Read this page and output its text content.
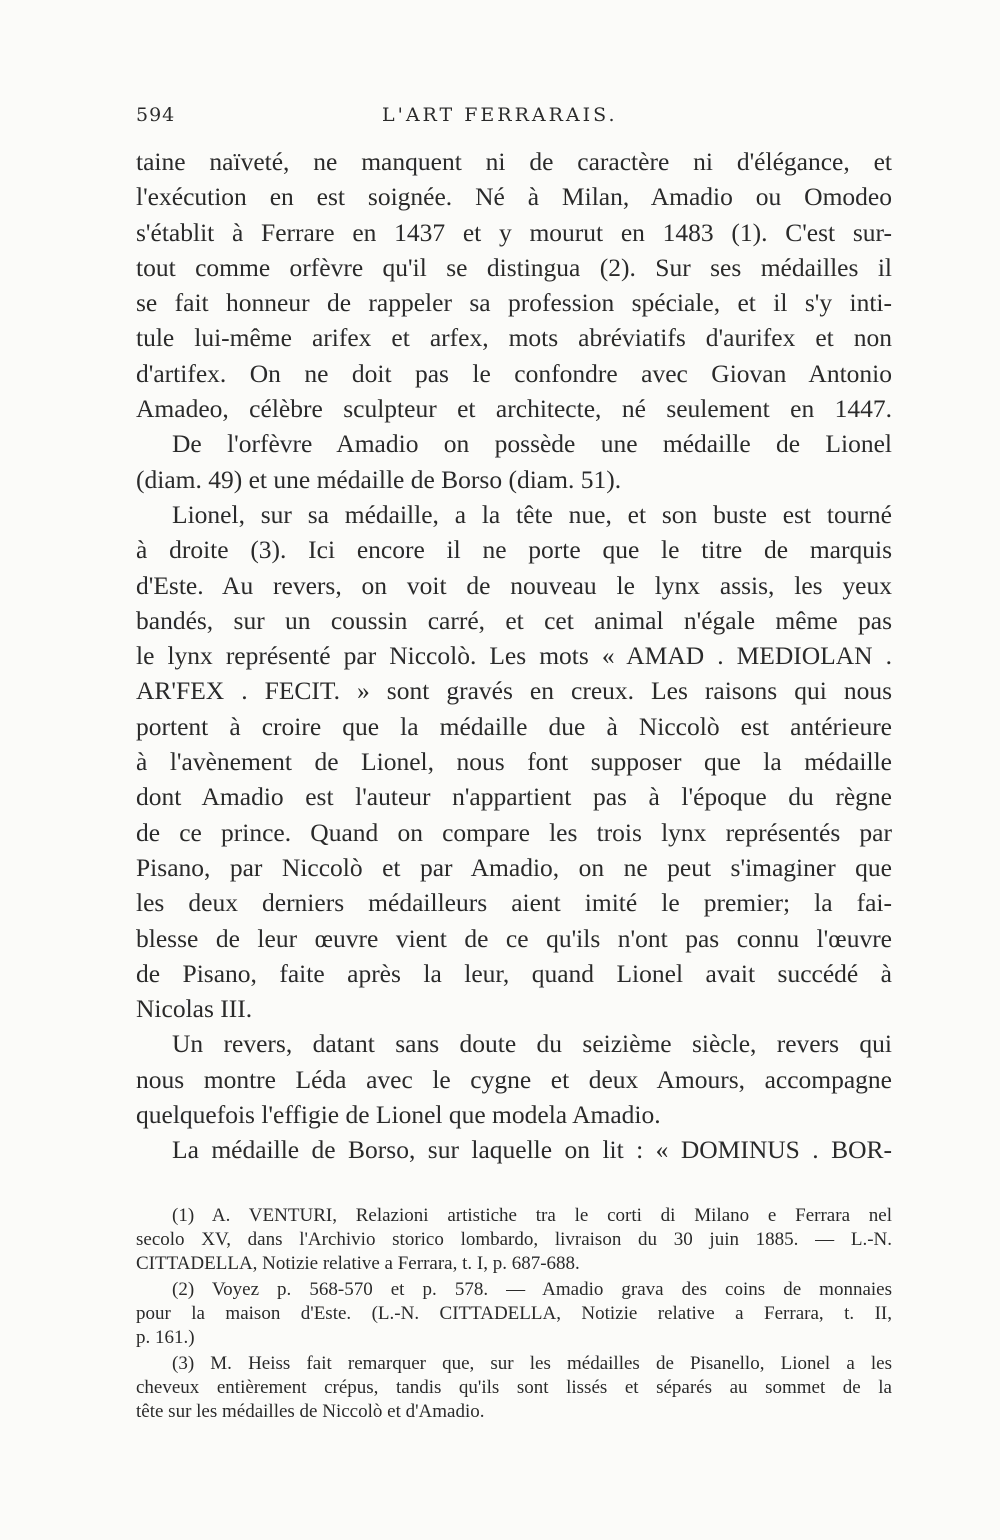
594	L'ART FERRARAIS.
taine naïveté, ne manquent ni de caractère ni d'élégance, et
l'exécution en est soignée. Né à Milan, Amadio ou Omodeo
s'établit à Ferrare en 1437 et y mourut en 1483 (1). C'est sur-
tout comme orfèvre qu'il se distingua (2). Sur ses médailles il
se fait honneur de rappeler sa profession spéciale, et il s'y inti-
tule lui-même arifex et arfex, mots abréviatifs d'aurifex et non
d'artifex. On ne doit pas le confondre avec Giovan Antonio
Amadeo, célèbre sculpteur et architecte, né seulement en 1447.
De l'orfèvre Amadio on possède une médaille de Lionel
(diam. 49) et une médaille de Borso (diam. 51).
Lionel, sur sa médaille, a la tête nue, et son buste est tourné
à droite (3). Ici encore il ne porte que le titre de marquis
d'Este. Au revers, on voit de nouveau le lynx assis, les yeux
bandés, sur un coussin carré, et cet animal n'égale même pas
le lynx représenté par Niccolò. Les mots « AMAD . MEDIOLAN .
AR'FEX . FECIT. » sont gravés en creux. Les raisons qui nous
portent à croire que la médaille due à Niccolò est antérieure
à l'avènement de Lionel, nous font supposer que la médaille
dont Amadio est l'auteur n'appartient pas à l'époque du règne
de ce prince. Quand on compare les trois lynx représentés par
Pisano, par Niccolò et par Amadio, on ne peut s'imaginer que
les deux derniers médailleurs aient imité le premier; la fai-
blesse de leur œuvre vient de ce qu'ils n'ont pas connu l'œuvre
de Pisano, faite après la leur, quand Lionel avait succédé à
Nicolas III.
Un revers, datant sans doute du seizième siècle, revers qui
nous montre Léda avec le cygne et deux Amours, accompagne
quelquefois l'effigie de Lionel que modela Amadio.
La médaille de Borso, sur laquelle on lit : « DOMINUS . BOR-
(1) A. VENTURI, Relazioni artistiche tra le corti di Milano e Ferrara nel
secolo XV, dans l'Archivio storico lombardo, livraison du 30 juin 1885. — L.-N.
CITTADELLA, Notizie relative a Ferrara, t. I, p. 687-688.
(2) Voyez p. 568-570 et p. 578. — Amadio grava des coins de monnaies
pour la maison d'Este. (L.-N. CITTADELLA, Notizie relative a Ferrara, t. II,
p. 161.)
(3) M. Heiss fait remarquer que, sur les médailles de Pisanello, Lionel a les
cheveux entièrement crépus, tandis qu'ils sont lissés et séparés au sommet de la
tête sur les médailles de Niccolò et d'Amadio.
